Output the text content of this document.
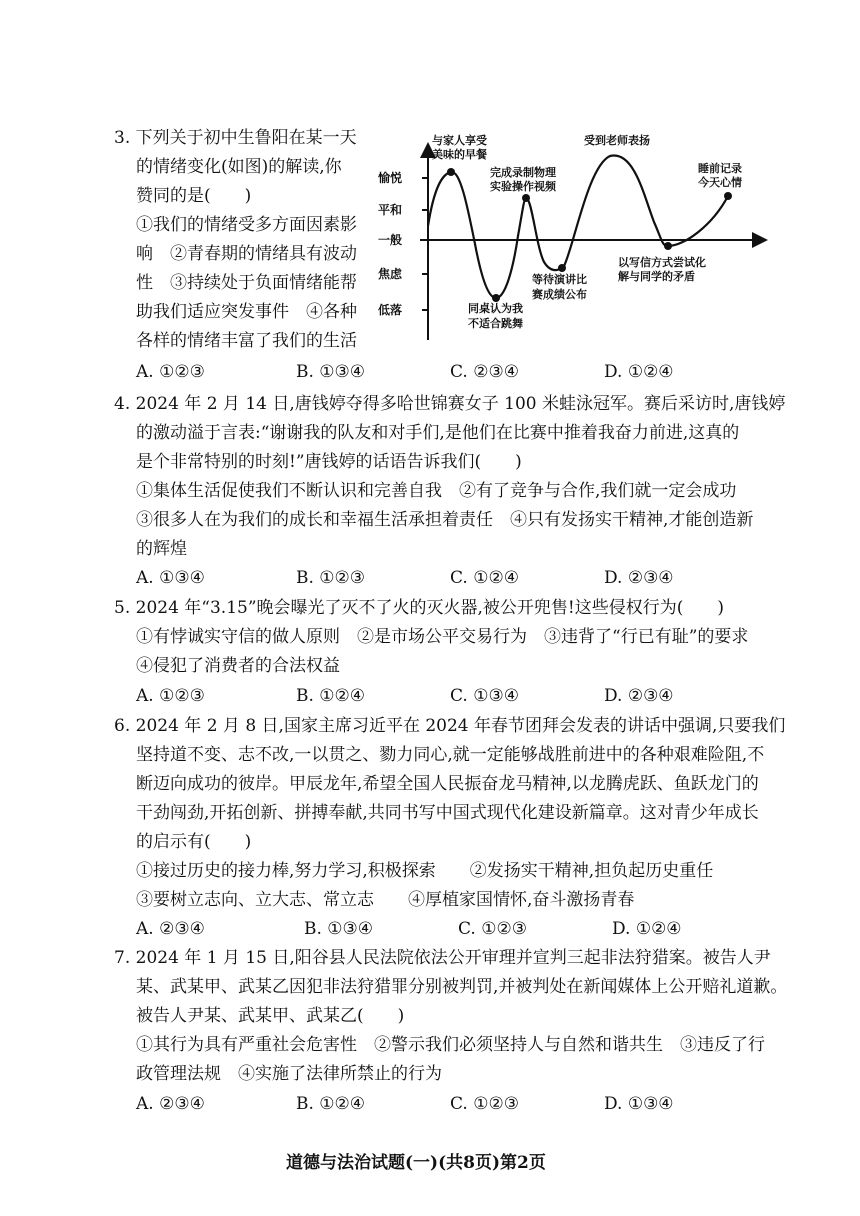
3. 下列关于初中生鲁阳在某一天
的情绪变化(如图)的解读,你
赞同的是(　　)
①我们的情绪受多方面因素影
响　②青春期的情绪具有波动
性　③持续处于负面情绪能帮
助我们适应突发事件　④各种
各样的情绪丰富了我们的生活
愉悦
平和
一般
焦虑
低落
与家人享受
美味的早餐
同桌认为我
不适合跳舞
完成录制物理
实验操作视频
等待演讲比
赛成绩公布
受到老师表扬
以写信方式尝试化
解与同学的矛盾
睡前记录
今天心情
A. ①②③	B. ①③④	C. ②③④	D. ①②④
4. 2024 年 2 月 14 日,唐钱婷夺得多哈世锦赛女子 100 米蛙泳冠军。赛后采访时,唐钱婷
的激动溢于言表:“谢谢我的队友和对手们,是他们在比赛中推着我奋力前进,这真的
是个非常特别的时刻!”唐钱婷的话语告诉我们(　　)
①集体生活促使我们不断认识和完善自我　②有了竞争与合作,我们就一定会成功
③很多人在为我们的成长和幸福生活承担着责任　④只有发扬实干精神,才能创造新
的辉煌
A. ①③④	B. ①②③	C. ①②④	D. ②③④
5. 2024 年“3.15”晚会曝光了灭不了火的灭火器,被公开兜售!这些侵权行为(　　)
①有悖诚实守信的做人原则　②是市场公平交易行为　③违背了“行已有耻”的要求
④侵犯了消费者的合法权益
A. ①②③	B. ①②④	C. ①③④	D. ②③④
6. 2024 年 2 月 8 日,国家主席习近平在 2024 年春节团拜会发表的讲话中强调,只要我们
坚持道不变、志不改,一以贯之、勠力同心,就一定能够战胜前进中的各种艰难险阻,不
断迈向成功的彼岸。甲辰龙年,希望全国人民振奋龙马精神,以龙腾虎跃、鱼跃龙门的
干劲闯劲,开拓创新、拼搏奉献,共同书写中国式现代化建设新篇章。这对青少年成长
的启示有(　　)
①接过历史的接力棒,努力学习,积极探索　　②发扬实干精神,担负起历史重任
③要树立志向、立大志、常立志　　④厚植家国情怀,奋斗激扬青春
A. ②③④	B. ①③④	C. ①②③	D. ①②④
7. 2024 年 1 月 15 日,阳谷县人民法院依法公开审理并宣判三起非法狩猎案。被告人尹
某、武某甲、武某乙因犯非法狩猎罪分别被判罚,并被判处在新闻媒体上公开赔礼道歉。
被告人尹某、武某甲、武某乙(　　)
①其行为具有严重社会危害性　②警示我们必须坚持人与自然和谐共生　③违反了行
政管理法规　④实施了法律所禁止的行为
A. ②③④	B. ①②④	C. ①②③	D. ①③④
道德与法治试题(一)(共8页)第2页
